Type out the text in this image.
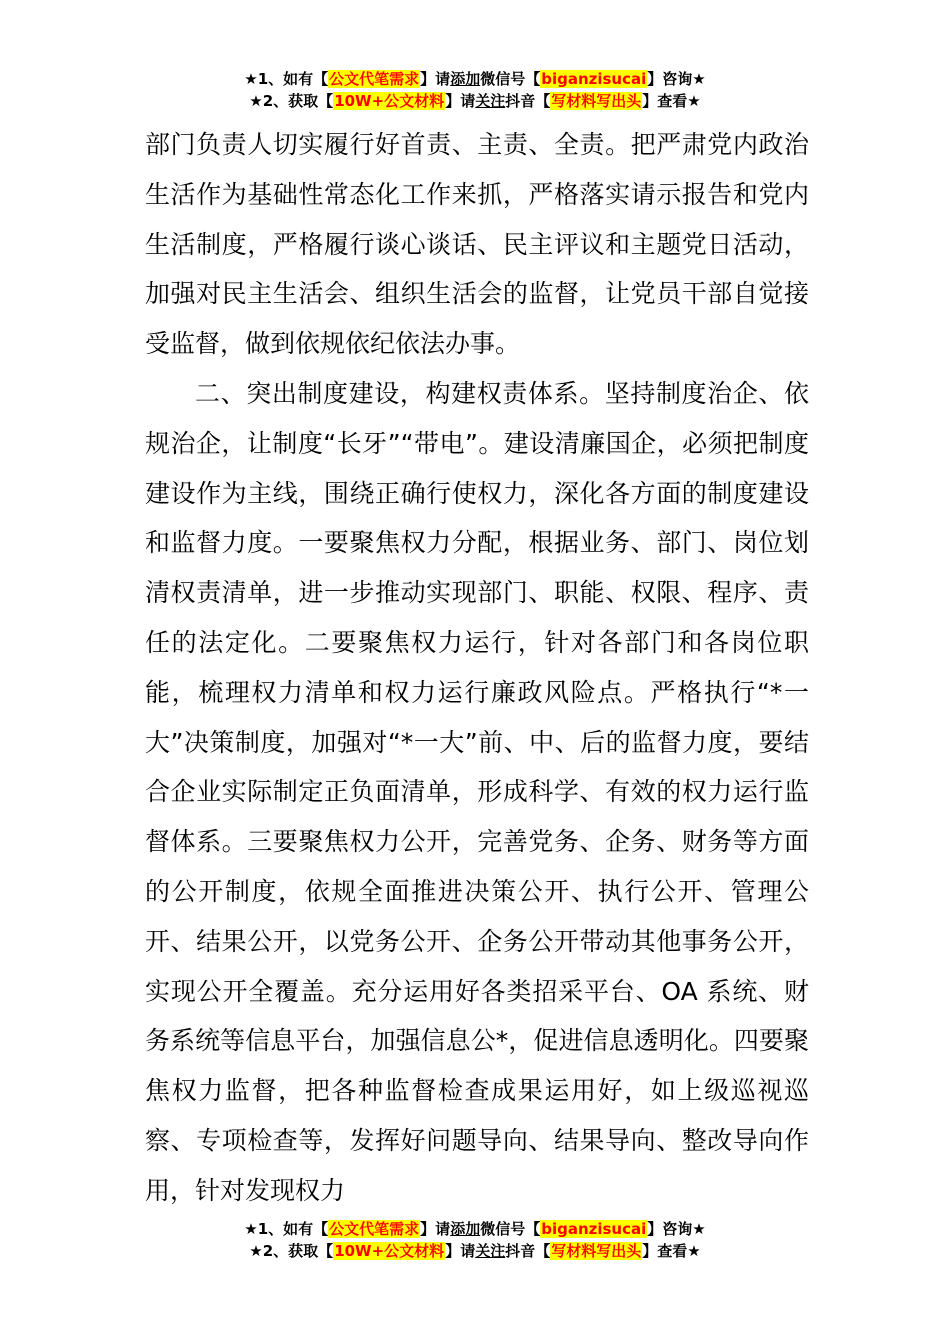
★1、如有【公文代笔需求】请添加微信号【biganzisucai】咨询★
★2、获取【10W+公文材料】请关注抖音【写材料写出头】查看★

部门负责人切实履行好首责、主责、全责。把严肃党内政治生活作为基础性常态化工作来抓，严格落实请示报告和党内生活制度，严格履行谈心谈话、民主评议和主题党日活动，加强对民主生活会、组织生活会的监督，让党员干部自觉接受监督，做到依规依纪依法办事。

二、突出制度建设，构建权责体系。坚持制度治企、依规治企，让制度“长牙”“带电”。建设清廉国企，必须把制度建设作为主线，围绕正确行使权力，深化各方面的制度建设和监督力度。一要聚焦权力分配，根据业务、部门、岗位划清权责清单，进一步推动实现部门、职能、权限、程序、责任的法定化。二要聚焦权力运行，针对各部门和各岗位职能，梳理权力清单和权力运行廉政风险点。严格执行“*一大”决策制度，加强对“*一大”前、中、后的监督力度，要结合企业实际制定正负面清单，形成科学、有效的权力运行监督体系。三要聚焦权力公开，完善党务、企务、财务等方面的公开制度，依规全面推进决策公开、执行公开、管理公开、结果公开，以党务公开、企务公开带动其他事务公开，实现公开全覆盖。充分运用好各类招采平台、OA 系统、财务系统等信息平台，加强信息公*，促进信息透明化。四要聚焦权力监督，把各种监督检查成果运用好，如上级巡视巡察、专项检查等，发挥好问题导向、结果导向、整改导向作用，针对发现权力

★1、如有【公文代笔需求】请添加微信号【biganzisucai】咨询★
★2、获取【10W+公文材料】请关注抖音【写材料写出头】查看★
